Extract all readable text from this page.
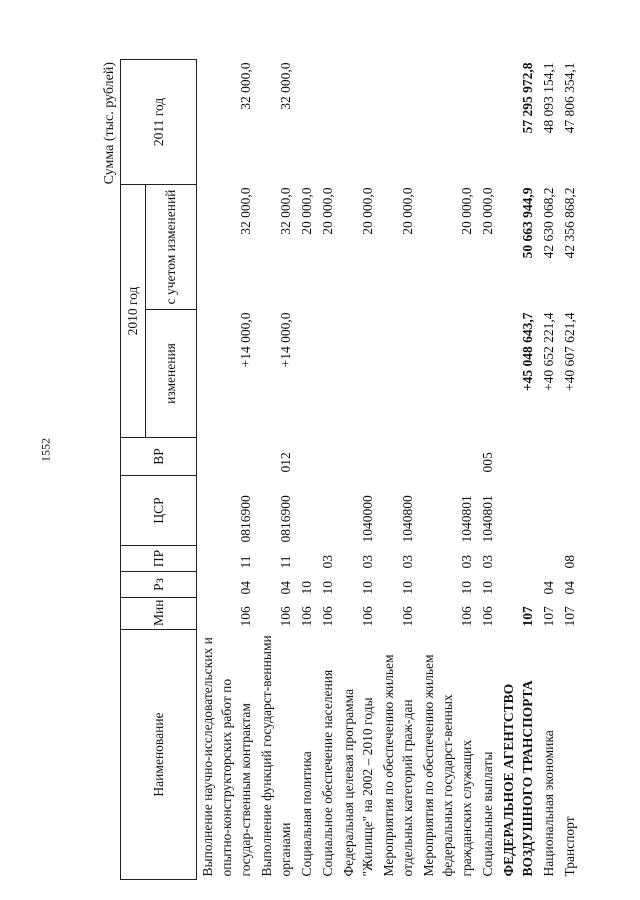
1552
Сумма (тыс. рублей)
Наименование	Мин	Рз	ПР	ЦСР	ВР	2010 год		2011 год
						изменения	с учетом изменений	
Выполнение научно-исследовательских и опытно-конструкторских работ по государ-ственным контрактам	106	04	11	0816900		+14 000,0	32 000,0	32 000,0
Выполнение функций государст-венными органами	106	04	11	0816900	012	+14 000,0	32 000,0	32 000,0
Социальная политика	106	10					20 000,0	
Социальное обеспечение населения	106	10	03				20 000,0	
Федеральная целевая программа "Жилище" на 2002 – 2010 годы	106	10	03	1040000			20 000,0	
Мероприятия по обеспечению жильем отдельных категорий граж-дан	106	10	03	1040800			20 000,0	
Мероприятия по обеспечению жильем федеральных государст-венных гражданских служащих	106	10	03	1040801			20 000,0	
Социальные выплаты	106	10	03	1040801	005		20 000,0	
ФЕДЕРАЛЬНОЕ АГЕНТСТВО ВОЗДУШНОГО ТРАНСПОРТА	107					+45 048 643,7	50 663 944,9	57 295 972,8
Национальная экономика	107	04				+40 652 221,4	42 630 068,2	48 093 154,1
Транспорт	107	04	08			+40 607 621,4	42 356 868,2	47 806 354,1
